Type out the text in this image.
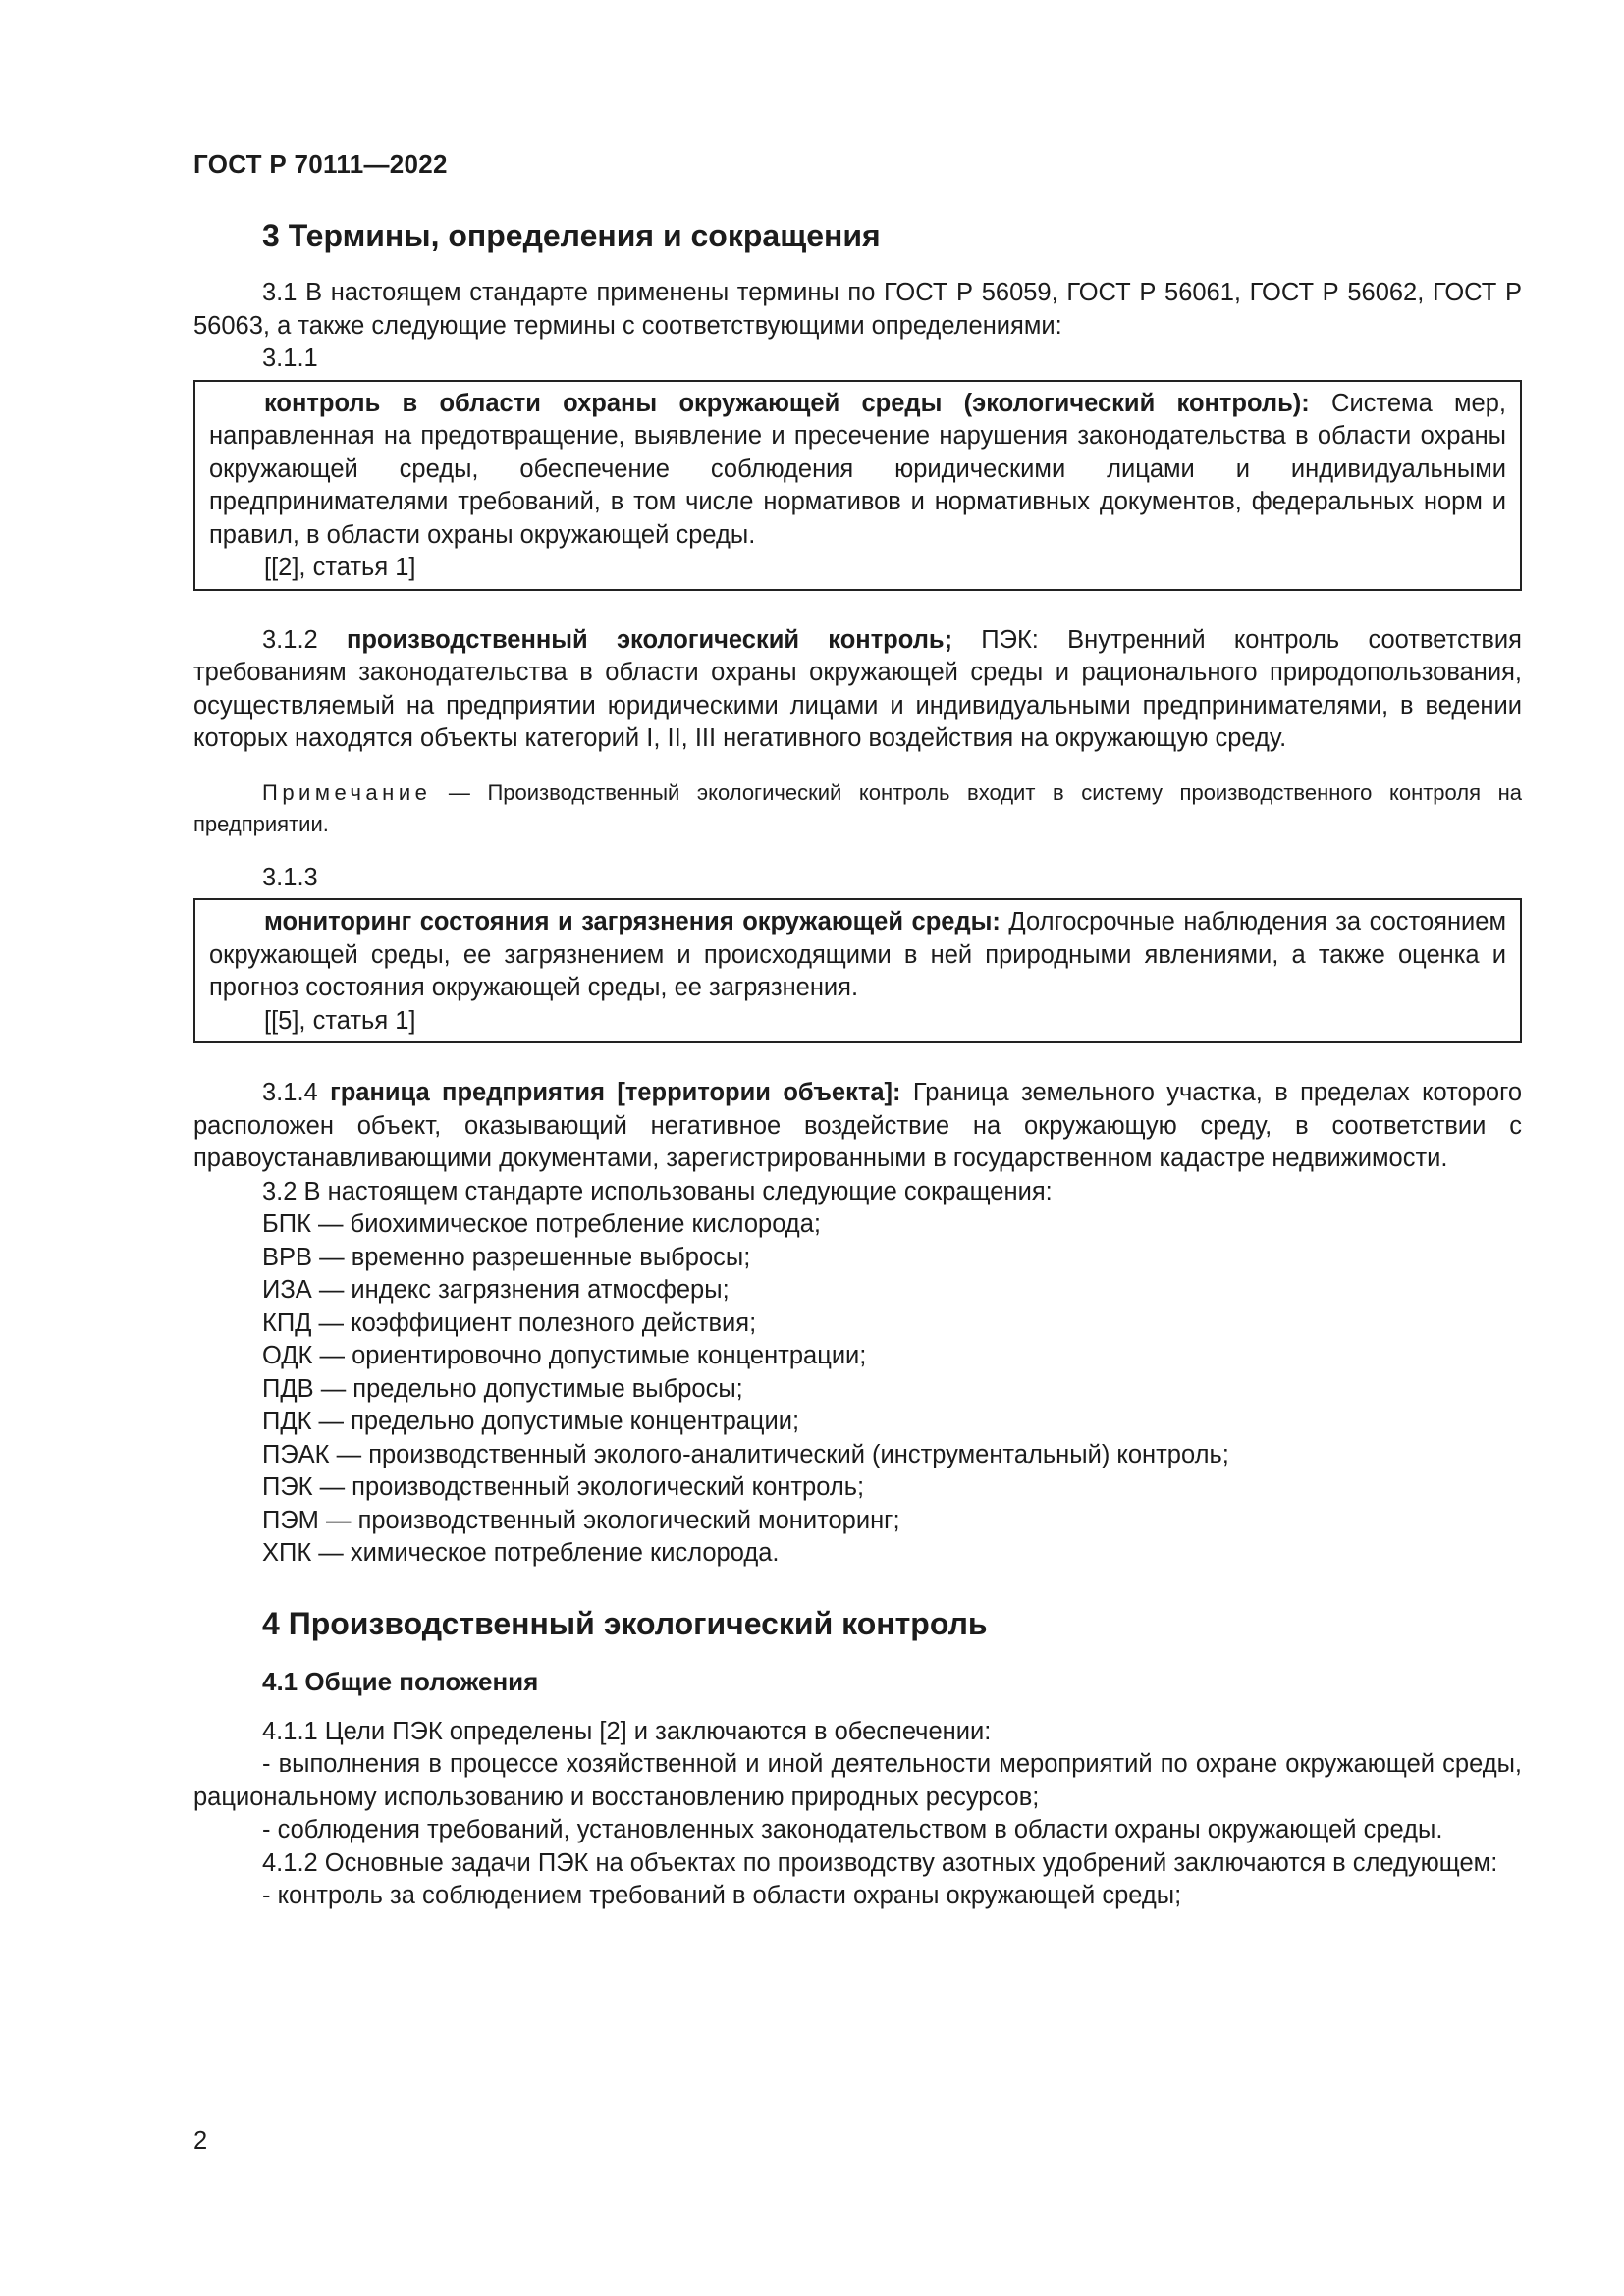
ГОСТ Р 70111—2022
3 Термины, определения и сокращения

3.1 В настоящем стандарте применены термины по ГОСТ Р 56059, ГОСТ Р 56061, ГОСТ Р 56062, ГОСТ Р 56063, а также следующие термины с соответствующими определениями:

3.1.1

контроль в области охраны окружающей среды (экологический контроль): Система мер, направленная на предотвращение, выявление и пресечение нарушения законодательства в области охраны окружающей среды, обеспечение соблюдения юридическими лицами и индивидуальными предпринимателями требований, в том числе нормативов и нормативных документов, федеральных норм и правил, в области охраны окружающей среды.

[[2], статья 1]

3.1.2 производственный экологический контроль; ПЭК: Внутренний контроль соответствия требованиям законодательства в области охраны окружающей среды и рационального природопользования, осуществляемый на предприятии юридическими лицами и индивидуальными предпринимателями, в ведении которых находятся объекты категорий I, II, III негативного воздействия на окружающую среду.

Примечание — Производственный экологический контроль входит в систему производственного контроля на предприятии.

3.1.3

мониторинг состояния и загрязнения окружающей среды: Долгосрочные наблюдения за состоянием окружающей среды, ее загрязнением и происходящими в ней природными явлениями, а также оценка и прогноз состояния окружающей среды, ее загрязнения.

[[5], статья 1]

3.1.4 граница предприятия [территории объекта]: Граница земельного участка, в пределах которого расположен объект, оказывающий негативное воздействие на окружающую среду, в соответствии с правоустанавливающими документами, зарегистрированными в государственном кадастре недвижимости.

3.2 В настоящем стандарте использованы следующие сокращения:

БПК — биохимическое потребление кислорода;

ВРВ — временно разрешенные выбросы;

ИЗА — индекс загрязнения атмосферы;

КПД — коэффициент полезного действия;

ОДК — ориентировочно допустимые концентрации;

ПДВ — предельно допустимые выбросы;

ПДК — предельно допустимые концентрации;

ПЭАК — производственный эколого-аналитический (инструментальный) контроль;

ПЭК — производственный экологический контроль;

ПЭМ — производственный экологический мониторинг;

ХПК — химическое потребление кислорода.

4 Производственный экологический контроль
4.1 Общие положения

4.1.1 Цели ПЭК определены [2] и заключаются в обеспечении:

- выполнения в процессе хозяйственной и иной деятельности мероприятий по охране окружающей среды, рациональному использованию и восстановлению природных ресурсов;

- соблюдения требований, установленных законодательством в области охраны окружающей среды.

4.1.2 Основные задачи ПЭК на объектах по производству азотных удобрений заключаются в следующем:

- контроль за соблюдением требований в области охраны окружающей среды;

2
